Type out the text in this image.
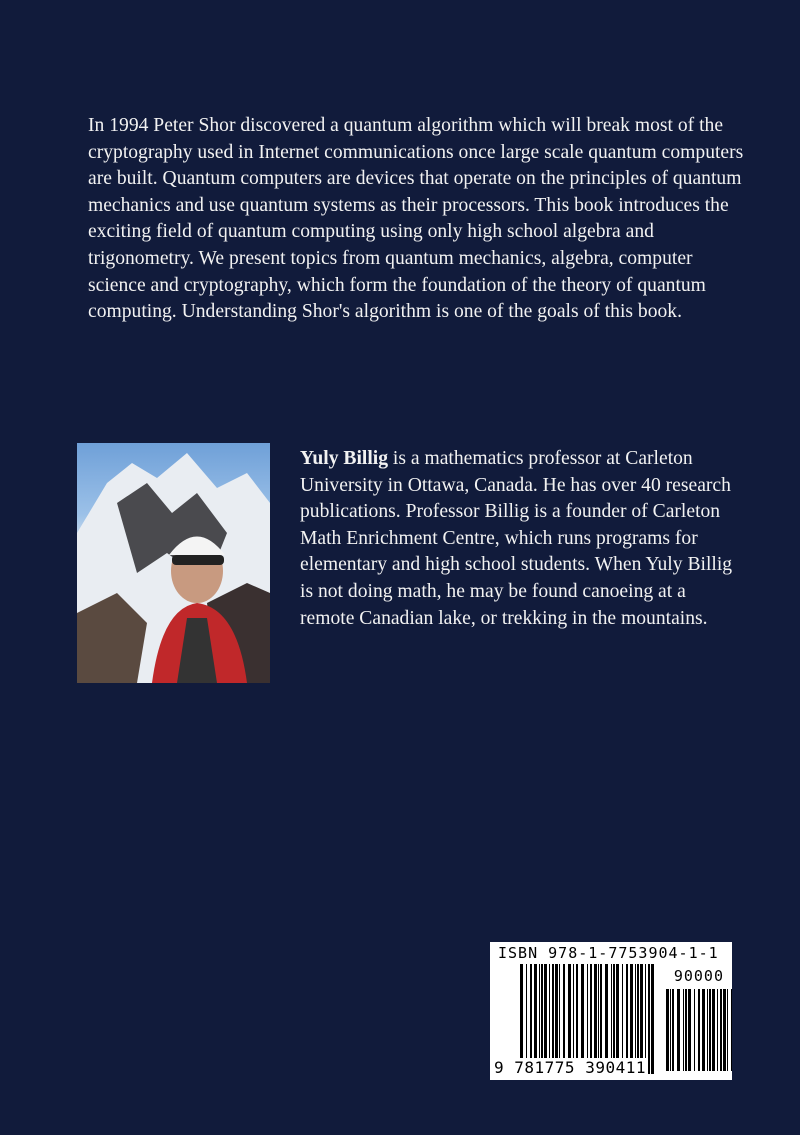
In 1994 Peter Shor discovered a quantum algorithm which will break most of the cryptography used in Internet communications once large scale quantum computers are built. Quantum computers are devices that operate on the principles of quantum mechanics and use quantum systems as their processors. This book introduces the exciting field of quantum computing using only high school algebra and trigonometry. We present topics from quantum mechanics, algebra, computer science and cryptography, which form the foundation of the theory of quantum computing. Understanding Shor's algorithm is one of the goals of this book.

Yuly Billig is a mathematics professor at Carleton University in Ottawa, Canada. He has over 40 research publications. Professor Billig is a founder of Carleton Math Enrichment Centre, which runs programs for elementary and high school students. When Yuly Billig is not doing math, he may be found canoeing at a remote Canadian lake, or trekking in the mountains.
ISBN 978-1-7753904-1-1
90000
9 781775 390411
